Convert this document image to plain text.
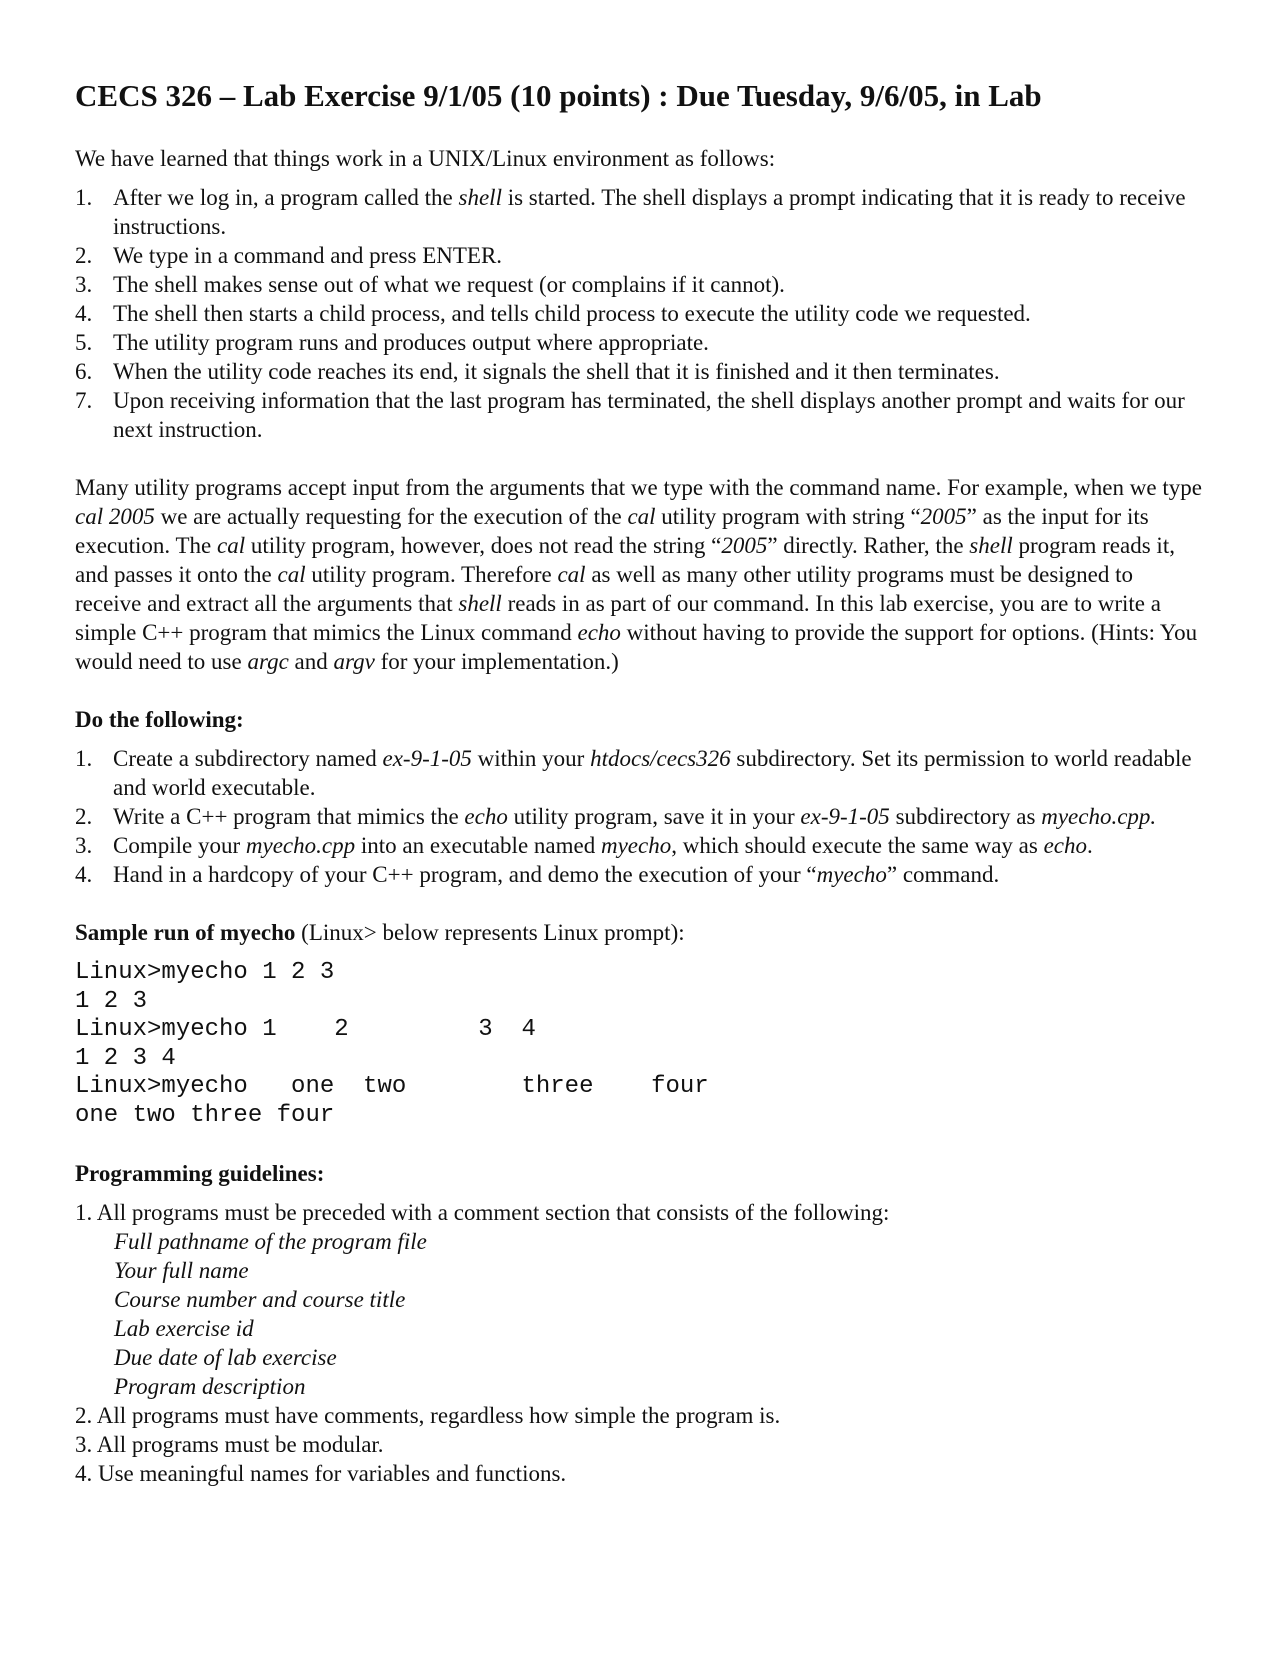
CECS 326 – Lab Exercise 9/1/05 (10 points) : Due Tuesday, 9/6/05, in Lab

We have learned that things work in a UNIX/Linux environment as follows:

1. After we log in, a program called the shell is started. The shell displays a prompt indicating that it is ready to receive instructions.
2. We type in a command and press ENTER.
3. The shell makes sense out of what we request (or complains if it cannot).
4. The shell then starts a child process, and tells child process to execute the utility code we requested.
5. The utility program runs and produces output where appropriate.
6. When the utility code reaches its end, it signals the shell that it is finished and it then terminates.
7. Upon receiving information that the last program has terminated, the shell displays another prompt and waits for our next instruction.

Many utility programs accept input from the arguments that we type with the command name. For example, when we type cal 2005 we are actually requesting for the execution of the cal utility program with string “2005” as the input for its execution. The cal utility program, however, does not read the string “2005” directly. Rather, the shell program reads it, and passes it onto the cal utility program. Therefore cal as well as many other utility programs must be designed to receive and extract all the arguments that shell reads in as part of our command. In this lab exercise, you are to write a simple C++ program that mimics the Linux command echo without having to provide the support for options. (Hints: You would need to use argc and argv for your implementation.)

Do the following:

1. Create a subdirectory named ex-9-1-05 within your htdocs/cecs326 subdirectory. Set its permission to world readable and world executable.
2. Write a C++ program that mimics the echo utility program, save it in your ex-9-1-05 subdirectory as myecho.cpp.
3. Compile your myecho.cpp into an executable named myecho, which should execute the same way as echo.
4. Hand in a hardcopy of your C++ program, and demo the execution of your “myecho” command.

Sample run of myecho (Linux> below represents Linux prompt):

Linux>myecho 1 2 3
1 2 3
Linux>myecho 1    2         3  4
1 2 3 4
Linux>myecho   one  two        three    four
one two three four

Programming guidelines:

1. All programs must be preceded with a comment section that consists of the following:
Full pathname of the program file
Your full name
Course number and course title
Lab exercise id
Due date of lab exercise
Program description
2. All programs must have comments, regardless how simple the program is.
3. All programs must be modular.
4. Use meaningful names for variables and functions.
